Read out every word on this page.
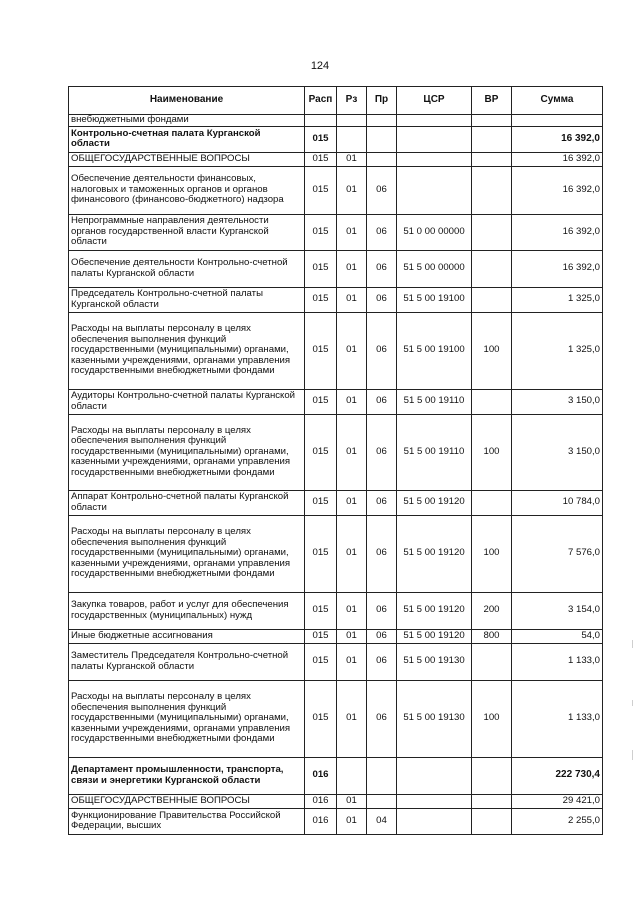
124
Наименование	Расп	Рз	Пр	ЦСР	ВР	Сумма
внебюджетными фондами						
Контрольно-счетная палата Курганской области	015					16 392,0
ОБЩЕГОСУДАРСТВЕННЫЕ ВОПРОСЫ	015	01				16 392,0
Обеспечение деятельности финансовых, налоговых и таможенных органов и органов финансового (финансово-бюджетного) надзора	015	01	06			16 392,0
Непрограммные направления деятельности органов государственной власти Курганской области	015	01	06	51 0 00 00000		16 392,0
Обеспечение деятельности Контрольно-счетной палаты Курганской области	015	01	06	51 5 00 00000		16 392,0
Председатель Контрольно-счетной палаты Курганской области	015	01	06	51 5 00 19100		1 325,0
Расходы на выплаты персоналу в целях обеспечения выполнения функций государственными (муниципальными) органами, казенными учреждениями, органами управления государственными внебюджетными фондами	015	01	06	51 5 00 19100	100	1 325,0
Аудиторы Контрольно-счетной палаты Курганской области	015	01	06	51 5 00 19110		3 150,0
Расходы на выплаты персоналу в целях обеспечения выполнения функций государственными (муниципальными) органами, казенными учреждениями, органами управления государственными внебюджетными фондами	015	01	06	51 5 00 19110	100	3 150,0
Аппарат Контрольно-счетной палаты Курганской области	015	01	06	51 5 00 19120		10 784,0
Расходы на выплаты персоналу в целях обеспечения выполнения функций государственными (муниципальными) органами, казенными учреждениями, органами управления государственными внебюджетными фондами	015	01	06	51 5 00 19120	100	7 576,0
Закупка товаров, работ и услуг для обеспечения государственных (муниципальных) нужд	015	01	06	51 5 00 19120	200	3 154,0
Иные бюджетные ассигнования	015	01	06	51 5 00 19120	800	54,0
Заместитель Председателя Контрольно-счетной палаты Курганской области	015	01	06	51 5 00 19130		1 133,0
Расходы на выплаты персоналу в целях обеспечения выполнения функций государственными (муниципальными) органами, казенными учреждениями, органами управления государственными внебюджетными фондами	015	01	06	51 5 00 19130	100	1 133,0
Департамент промышленности, транспорта, связи и энергетики Курганской области	016					222 730,4
ОБЩЕГОСУДАРСТВЕННЫЕ ВОПРОСЫ	016	01				29 421,0
Функционирование Правительства Российской Федерации, высших	016	01	04			2 255,0
